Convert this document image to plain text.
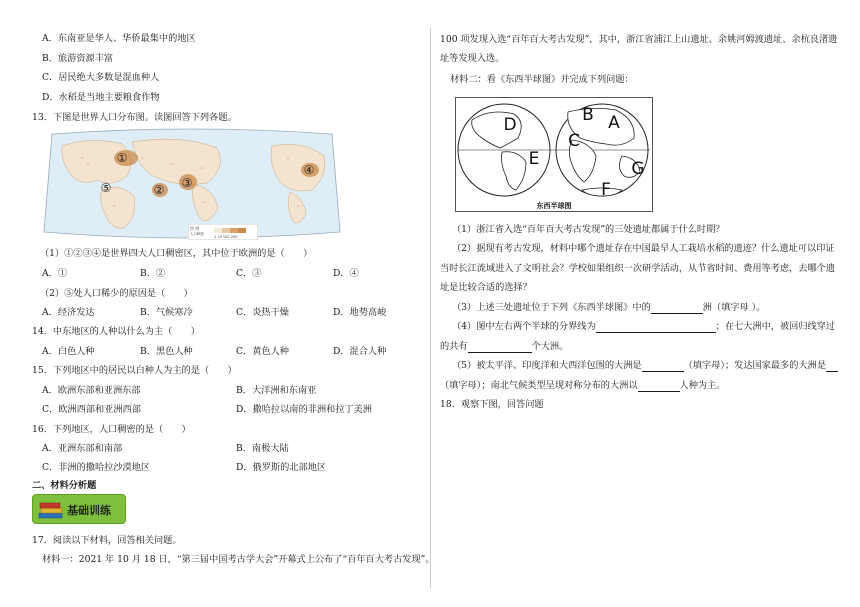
A．东南亚是华人、华侨最集中的地区
B．旅游资源丰富
C．居民绝大多数是混血种人
D．水稻是当地主要粮食作物
13．下图是世界人口分布图。读图回答下列各题。
①
② ③
④
⑤
图 例
人口稠密
1 10 100 200
（1）①②③④是世界四大人口稠密区，其中位于欧洲的是（　　）
A．①	B．②	C．③	D．④
（2）⑤处人口稀少的原因是（　　）
A．经济发达	B．气候寒冷	C．炎热干燥	D．地势高峻
14．中东地区的人种以什么为主（　　）
A．白色人种	B．黑色人种	C．黄色人种	D．混合人种
15．下列地区中的居民以白种人为主的是（　　）
A．欧洲东部和亚洲东部	B．大洋洲和东南亚
C．欧洲西部和亚洲西部	D．撒哈拉以南的非洲和拉丁美洲
16．下列地区，人口稠密的是（　　）
A．亚洲东部和南部	B．南极大陆
C．非洲的撒哈拉沙漠地区	D．俄罗斯的北部地区
二、材料分析题
基础训练
17．阅读以下材料，回答相关问题。
材料一：2021 年 10 月 18 日，“第三届中国考古学大会”开幕式上公布了“百年百大考古发现”。
100 项发现入选“百年百大考古发现”，其中，浙江省浦江上山遗址、余姚河姆渡遗址、余杭良渚遗
址等发现入选。
材料二：看《东西半球图》并完成下列问题：
D	B A
C
E	G
F
东西半球图
（1）浙江省入选“百年百大考古发现”的三处遗址都属于什么时期？
（2）据现有考古发现，材料中哪个遗址存在中国最早人工栽培水稻的遗迹？什么遗址可以印证
当时长江流域进入了文明社会？学校如果组织一次研学活动，从节省时间、费用等考虑，去哪个遗
址是比较合适的选择？
（3）上述三处遗址位于下列《东西半球图》中的	洲（填字母 ）。
（4）图中左右两个半球的分界线为	；在七大洲中，被回归线穿过
的共有	个大洲。
（5）被太平洋、印度洋和大西洋包围的大洲是	（填字母）；发达国家最多的大洲是
（填字母）；南北气候类型呈现对称分布的大洲以	人种为主。
18．观察下图，回答问题
